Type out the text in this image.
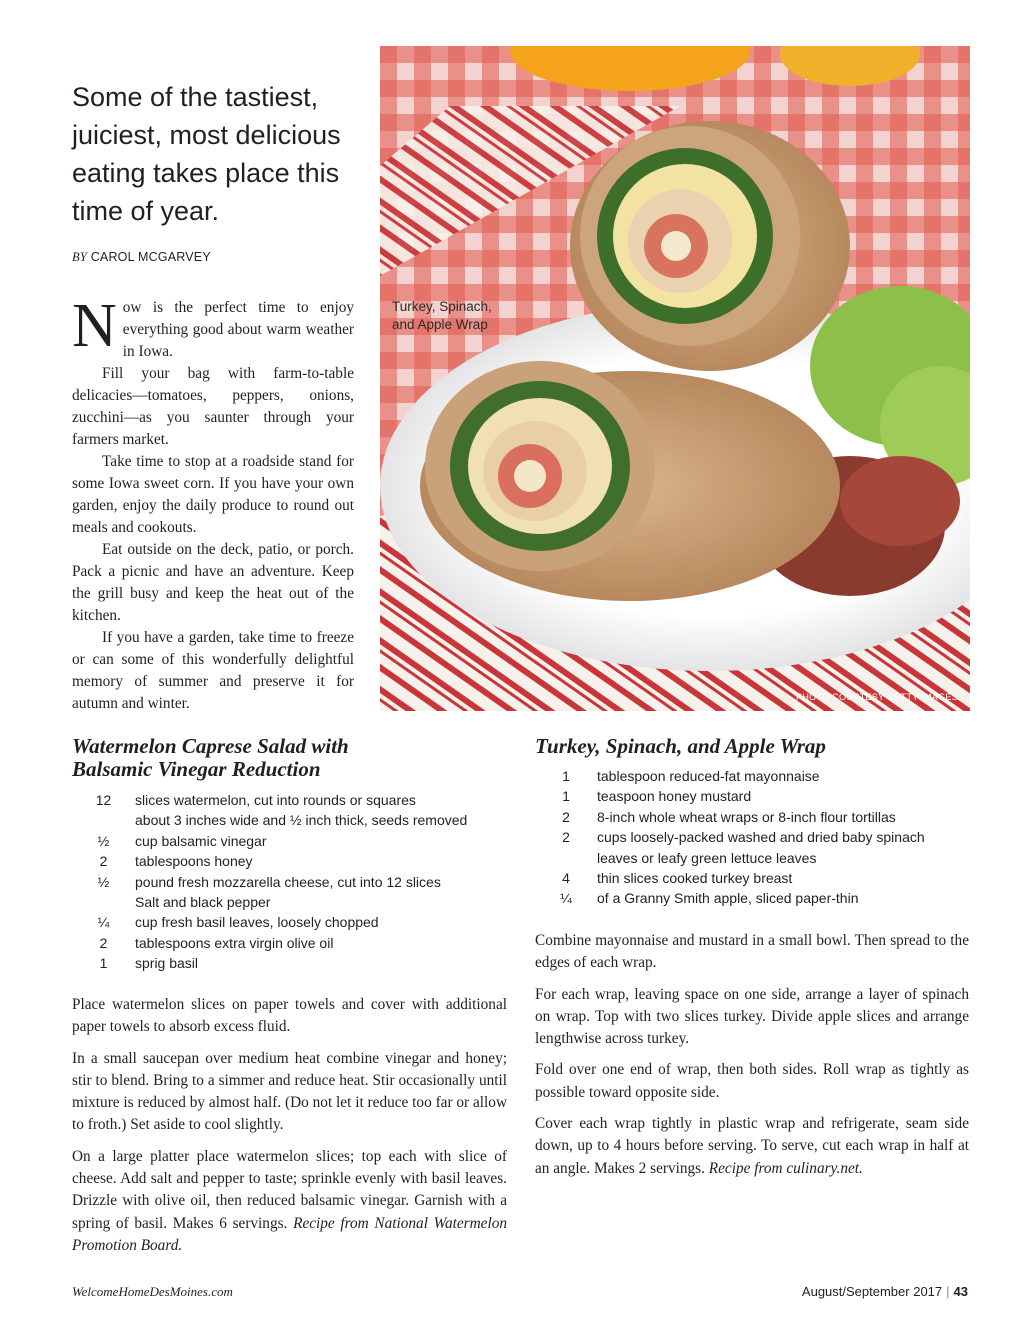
Some of the tastiest, juiciest, most delicious eating takes place this time of year.
BY CAROL MCGARVEY

Now is the perfect time to enjoy everything good about warm weather in Iowa.

Fill your bag with farm-to-table delicacies—tomatoes, peppers, onions, zucchini—as you saunter through your farmers market.

Take time to stop at a roadside stand for some Iowa sweet corn. If you have your own garden, enjoy the daily produce to round out meals and cookouts.

Eat outside on the deck, patio, or porch. Pack a picnic and have an adventure. Keep the grill busy and keep the heat out of the kitchen.

If you have a garden, take time to freeze or can some of this wonderfully delightful memory of summer and preserve it for autumn and winter.

Turkey, Spinach,
and Apple Wrap
PHOTO COURTESY GETTY IMAGES
Watermelon Caprese Salad with
Balsamic Vinegar Reduction
12	slices watermelon, cut into rounds or squares
about 3 inches wide and ½ inch thick, seeds removed
½	cup balsamic vinegar
2	tablespoons honey
½	pound fresh mozzarella cheese, cut into 12 slices
Salt and black pepper
¼	cup fresh basil leaves, loosely chopped
2	tablespoons extra virgin olive oil
1	sprig basil

Place watermelon slices on paper towels and cover with additional paper towels to absorb excess fluid.

In a small saucepan over medium heat combine vinegar and honey; stir to blend. Bring to a simmer and reduce heat. Stir occasionally until mixture is reduced by almost half. (Do not let it reduce too far or allow to froth.) Set aside to cool slightly.

On a large platter place watermelon slices; top each with slice of cheese. Add salt and pepper to taste; sprinkle evenly with basil leaves. Drizzle with olive oil, then reduced balsamic vinegar. Garnish with a spring of basil. Makes 6 servings. Recipe from National Watermelon Promotion Board.

Turkey, Spinach, and Apple Wrap
1	tablespoon reduced-fat mayonnaise
1	teaspoon honey mustard
2	8-inch whole wheat wraps or 8-inch flour tortillas
2	cups loosely-packed washed and dried baby spinach
leaves or leafy green lettuce leaves
4	thin slices cooked turkey breast
¼	of a Granny Smith apple, sliced paper-thin

Combine mayonnaise and mustard in a small bowl. Then spread to the edges of each wrap.

For each wrap, leaving space on one side, arrange a layer of spinach on wrap. Top with two slices turkey. Divide apple slices and arrange lengthwise across turkey.

Fold over one end of wrap, then both sides. Roll wrap as tightly as possible toward opposite side.

Cover each wrap tightly in plastic wrap and refrigerate, seam side down, up to 4 hours before serving. To serve, cut each wrap in half at an angle. Makes 2 servings. Recipe from culinary.net.

WelcomeHomeDesMoines.com	August/September 2017 | 43
